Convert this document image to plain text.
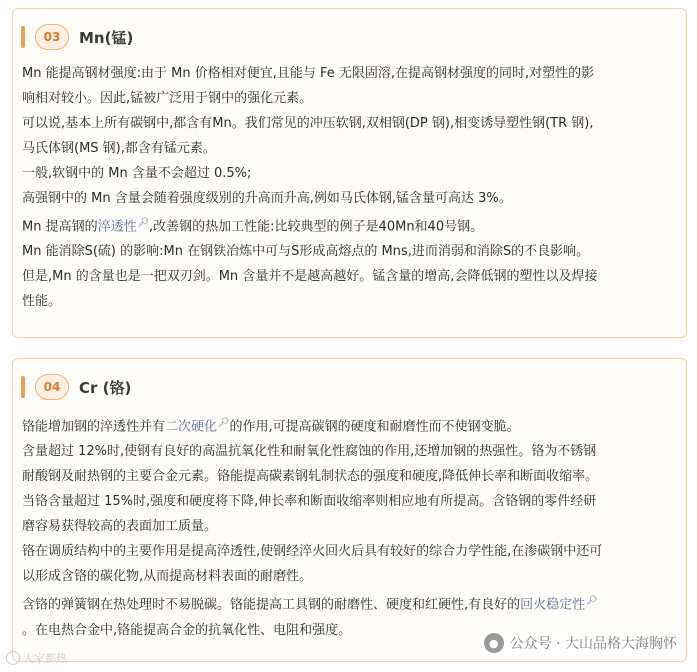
03	Mn(锰)

Mn 能提高钢材强度:由于 Mn 价格相对便宜,且能与 Fe 无限固溶,在提高钢材强度的同时,对塑性的影

响相对较小。因此,锰被广泛用于钢中的强化元素。

可以说,基本上所有碳钢中,都含有Mn。我们常见的冲压软钢,双相钢(DP 钢),相变诱导塑性钢(TR 钢),

马氏体钢(MS 钢),都含有锰元素。

一般,软钢中的 Mn 含量不会超过 0.5%;

高强钢中的 Mn 含量会随着强度级别的升高而升高,例如马氏体钢,锰含量可高达 3%。

Mn 提高钢的淬透性🔎︎,改善钢的热加工性能:比较典型的例子是40Mn和40号钢。

Mn 能消除S(硫) 的影响:Mn 在钢铁冶炼中可与S形成高熔点的 Mns,进而消弱和消除S的不良影响。

但是,Mn 的含量也是一把双刃剑。Mn 含量并不是越高越好。锰含量的增高,会降低钢的塑性以及焊接

性能。

04	Cr (铬)

铬能增加钢的淬透性并有二次硬化🔎︎的作用,可提高碳钢的硬度和耐磨性而不使钢变脆。

含量超过 12%时,使钢有良好的高温抗氧化性和耐氧化性腐蚀的作用,还增加钢的热强性。铬为不锈钢

耐酸钢及耐热钢的主要合金元素。铬能提高碳素钢轧制状态的强度和硬度,降低伸长率和断面收缩率。

当铬含量超过 15%时,强度和硬度将下降,伸长率和断面收缩率则相应地有所提高。含铬钢的零件经研

磨容易获得较高的表面加工质量。

铬在调质结构中的主要作用是提高淬透性,使钢经淬火回火后具有较好的综合力学性能,在渗碳钢中还可

以形成含铬的碳化物,从而提高材料表面的耐磨性。

含铬的弹簧钢在热处理时不易脱碳。铬能提高工具钢的耐磨性、硬度和红硬性,有良好的回火稳定性🔎︎

。在电热合金中,铬能提高合金的抗氧化性、电阻和强度。

大家都热
● 公众号 · 大山品格大海胸怀
